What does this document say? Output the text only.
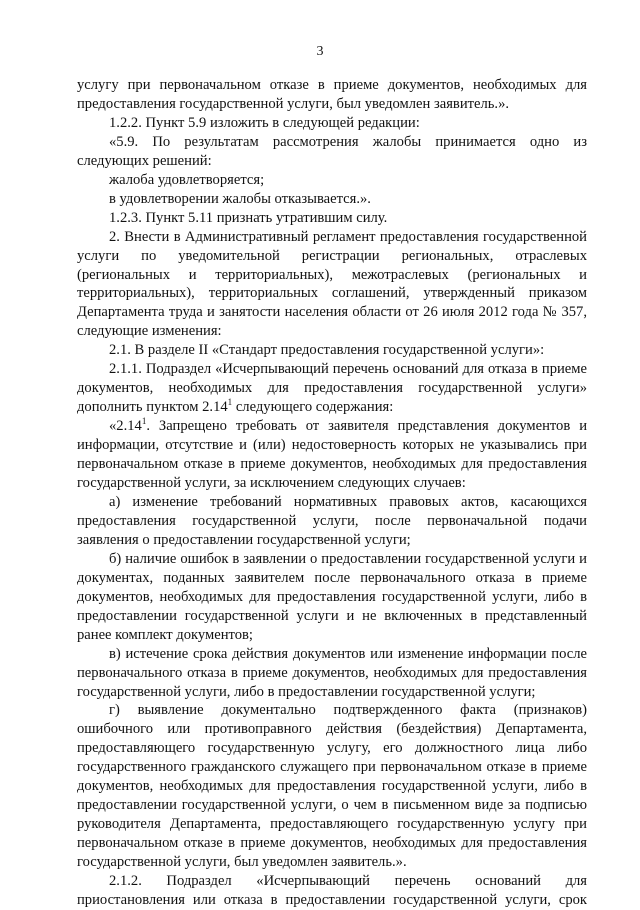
3

услугу при первоначальном отказе в приеме документов, необходимых для предоставления государственной услуги, был уведомлен заявитель.».

1.2.2. Пункт 5.9 изложить в следующей редакции:

«5.9. По результатам рассмотрения жалобы принимается одно из следующих решений:

жалоба удовлетворяется;

в удовлетворении жалобы отказывается.».

1.2.3. Пункт 5.11 признать утратившим силу.

2. Внести в Административный регламент предоставления государственной услуги по уведомительной регистрации региональных, отраслевых (региональных и территориальных), межотраслевых (региональных и территориальных), территориальных соглашений, утвержденный приказом Департамента труда и занятости населения области от 26 июля 2012 года № 357, следующие изменения:

2.1. В разделе II «Стандарт предоставления государственной услуги»:

2.1.1. Подраздел «Исчерпывающий перечень оснований для отказа в приеме документов, необходимых для предоставления государственной услуги» дополнить пунктом 2.14$^1$ следующего содержания:

«2.14$^1$. Запрещено требовать от заявителя представления документов и информации, отсутствие и (или) недостоверность которых не указывались при первоначальном отказе в приеме документов, необходимых для предоставления государственной услуги, за исключением следующих случаев:

а) изменение требований нормативных правовых актов, касающихся предоставления государственной услуги, после первоначальной подачи заявления о предоставлении государственной услуги;

б) наличие ошибок в заявлении о предоставлении государственной услуги и документах, поданных заявителем после первоначального отказа в приеме документов, необходимых для предоставления государственной услуги, либо в предоставлении государственной услуги и не включенных в представленный ранее комплект документов;

в) истечение срока действия документов или изменение информации после первоначального отказа в приеме документов, необходимых для предоставления государственной услуги, либо в предоставлении государственной услуги;

г) выявление документально подтвержденного факта (признаков) ошибочного или противоправного действия (бездействия) Департамента, предоставляющего государственную услугу, его должностного лица либо государственного гражданского служащего при первоначальном отказе в приеме документов, необходимых для предоставления государственной услуги, либо в предоставлении государственной услуги, о чем в письменном виде за подписью руководителя Департамента, предоставляющего государственную услугу при первоначальном отказе в приеме документов, необходимых для предоставления государственной услуги, был уведомлен заявитель.».

2.1.2. Подраздел «Исчерпывающий перечень оснований для приостановления или отказа в предоставлении государственной услуги, срок
